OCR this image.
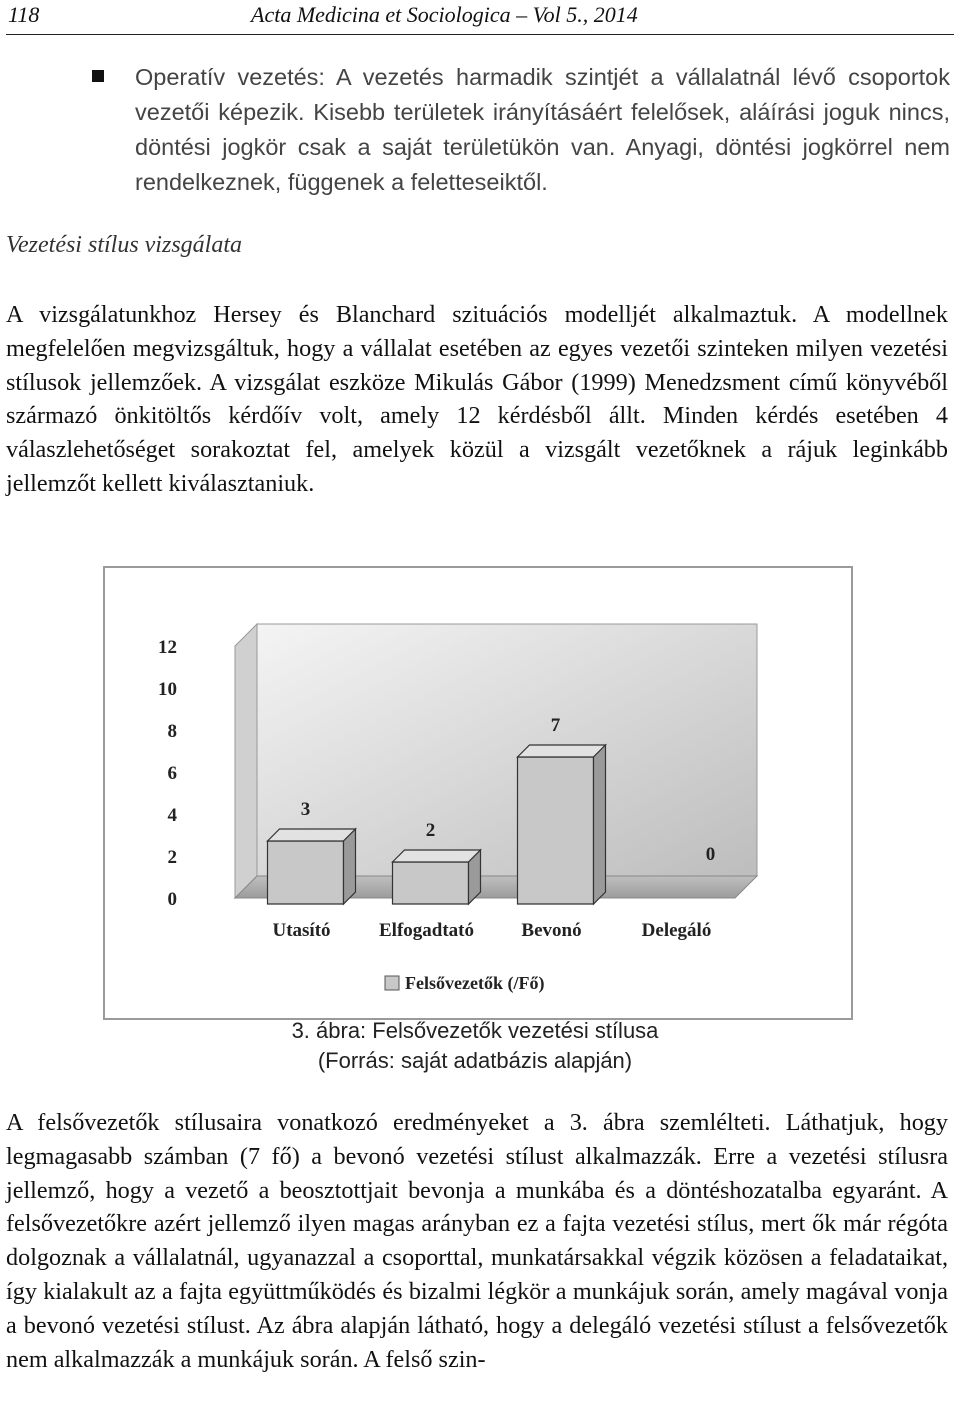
118	Acta Medicina et Sociologica – Vol 5., 2014
Operatív vezetés: A vezetés harmadik szintjét a vállalatnál lévő csoportok vezetői képezik. Kisebb területek irányításáért felelősek, aláírási joguk nincs, döntési jogkör csak a saját területükön van. Anyagi, döntési jogkörrel nem rendelkeznek, függenek a feletteseiktől.
Vezetési stílus vizsgálata
A vizsgálatunkhoz Hersey és Blanchard szituációs modelljét alkalmaztuk. A modellnek megfelelően megvizsgáltuk, hogy a vállalat esetében az egyes vezetői szinteken milyen vezetési stílusok jellemzőek. A vizsgálat eszköze Mikulás Gábor (1999) Menedzsment című könyvéből származó önkitöltős kérdőív volt, amely 12 kérdésből állt. Minden kérdés esetében 4 válaszlehetőséget sorakoztat fel, amelyek közül a vizsgált vezetőknek a rájuk leginkább jellemzőt kellett kiválasztaniuk.
0
2
4
6
8
10
12
3
2
7
0
Utasító	Elfogadtató Bevonó	Delegáló
Felsővezetők (/Fő)
3. ábra: Felsővezetők vezetési stílusa
(Forrás: saját adatbázis alapján)
A felsővezetők stílusaira vonatkozó eredményeket a 3. ábra szemlélteti. Láthatjuk, hogy legmagasabb számban (7 fő) a bevonó vezetési stílust alkalmazzák. Erre a vezetési stílusra jellemző, hogy a vezető a beosztottjait bevonja a munkába és a döntéshozatalba egyaránt. A felsővezetőkre azért jellemző ilyen magas arányban ez a fajta vezetési stílus, mert ők már régóta dolgoznak a vállalatnál, ugyanazzal a csoporttal, munkatársakkal végzik közösen a feladataikat, így kialakult az a fajta együttműködés és bizalmi légkör a munkájuk során, amely magával vonja a bevonó vezetési stílust. Az ábra alapján látható, hogy a delegáló vezetési stílust a felsővezetők nem alkalmazzák a munkájuk során. A felső szin-
